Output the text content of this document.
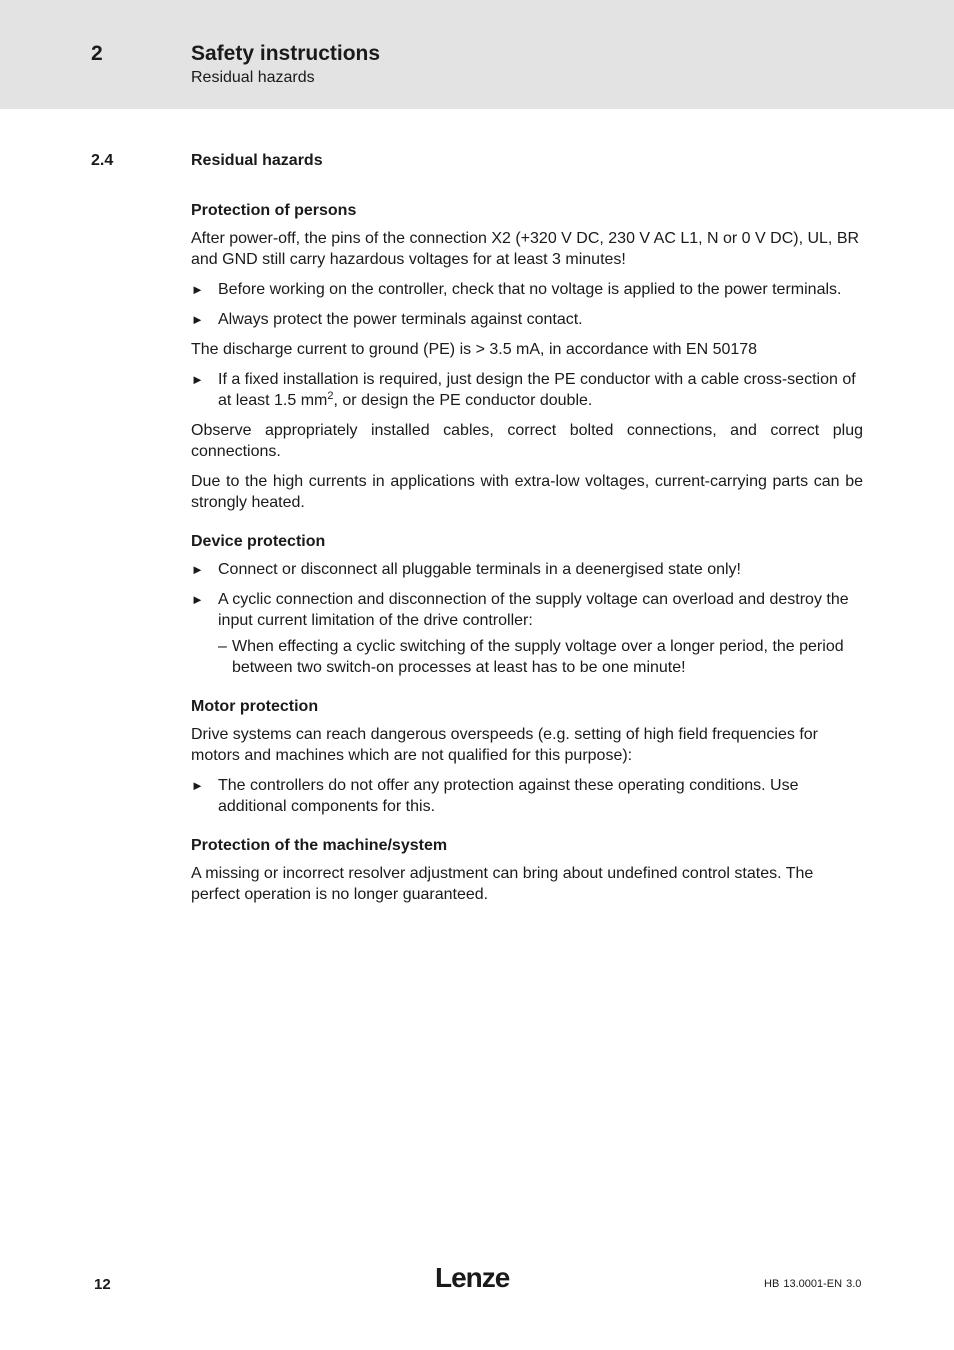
2	Safety instructions
Residual hazards
2.4	Residual hazards
Protection of persons

After power-off, the pins of the connection X2 (+320 V DC, 230 V AC L1, N or 0 V DC), UL, BR and GND still carry hazardous voltages for at least 3 minutes!

► Before working on the controller, check that no voltage is applied to the power terminals.
► Always protect the power terminals against contact.

The discharge current to ground (PE) is > 3.5 mA, in accordance with EN 50178

► If a fixed installation is required, just design the PE conductor with a cable cross-section of at least 1.5 $mm^2$, or design the PE conductor double.

Observe appropriately installed cables, correct bolted connections, and correct plug connections.

Due to the high currents in applications with extra-low voltages, current-carrying parts can be strongly heated.

Device protection
► Connect or disconnect all pluggable terminals in a deenergised state only!
► A cyclic connection and disconnection of the supply voltage can overload and destroy the input current limitation of the drive controller:
– When effecting a cyclic switching of the supply voltage over a longer period, the period between two switch-on processes at least has to be one minute!
Motor protection

Drive systems can reach dangerous overspeeds (e.g. setting of high field frequencies for motors and machines which are not qualified for this purpose):

► The controllers do not offer any protection against these operating conditions. Use additional components for this.
Protection of the machine/system

A missing or incorrect resolver adjustment can bring about undefined control states. The perfect operation is no longer guaranteed.

12	Lenze	HB 13.0001-EN 3.0
